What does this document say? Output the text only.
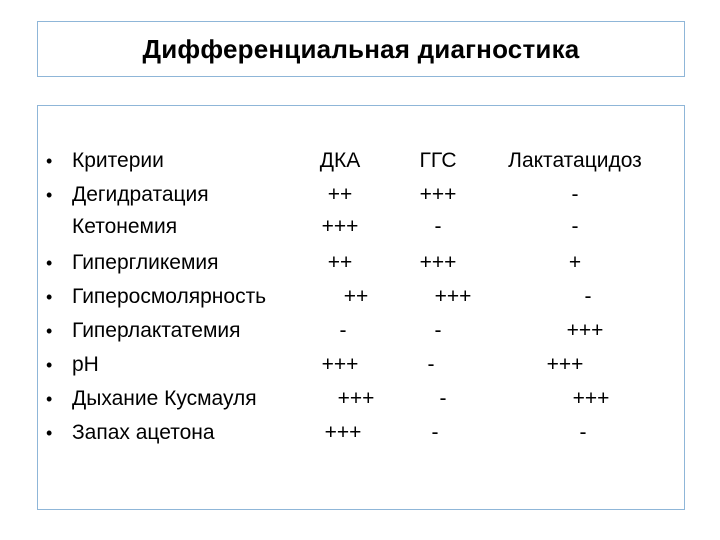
Дифференциальная диагностика
• Критерии	ДКА	ГГС	Лактатацидоз
• Дегидратация	++	+++	-
Кетонемия	+++	-	-
• Гипергликемия	++	+++	+
• Гиперосмолярность	++	+++	-
• Гиперлактатемия	-	-	+++
• pH	+++	-	+++
• Дыхание Кусмауля	+++	-	+++
• Запах ацетона	+++	-	-
